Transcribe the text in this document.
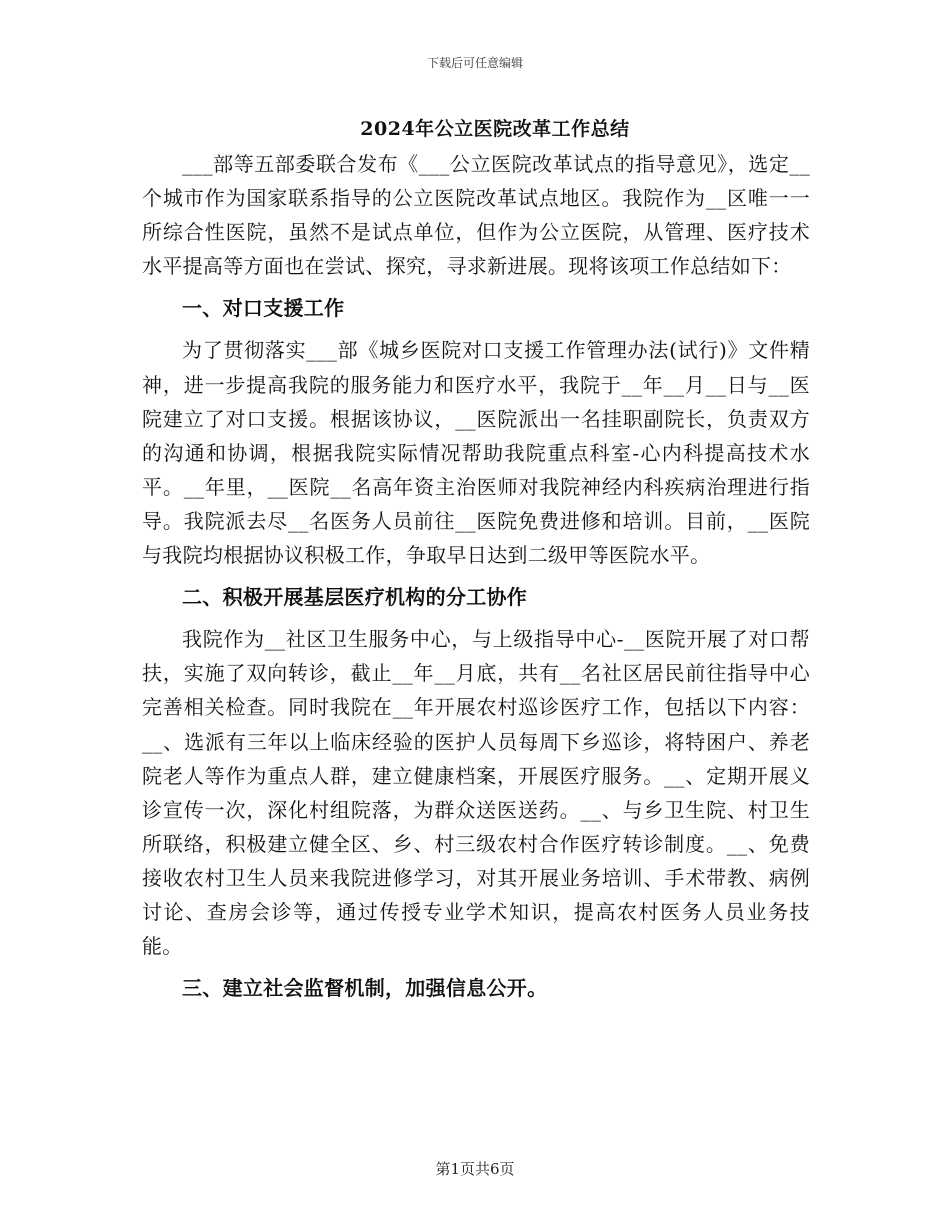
下载后可任意编辑
2024年公立医院改革工作总结

___部等五部委联合发布《___公立医院改革试点的指导意见》，选定__个城市作为国家联系指导的公立医院改革试点地区。我院作为__区唯一一所综合性医院，虽然不是试点单位，但作为公立医院，从管理、医疗技术水平提高等方面也在尝试、探究，寻求新进展。现将该项工作总结如下：

一、对口支援工作

为了贯彻落实___部《城乡医院对口支援工作管理办法(试行)》文件精神，进一步提高我院的服务能力和医疗水平，我院于__年__月__日与__医院建立了对口支援。根据该协议，__医院派出一名挂职副院长，负责双方的沟通和协调，根据我院实际情况帮助我院重点科室-心内科提高技术水平。__年里，__医院__名高年资主治医师对我院神经内科疾病治理进行指导。我院派去尽__名医务人员前往__医院免费进修和培训。目前，__医院与我院均根据协议积极工作，争取早日达到二级甲等医院水平。

二、积极开展基层医疗机构的分工协作

我院作为__社区卫生服务中心，与上级指导中心-__医院开展了对口帮扶，实施了双向转诊，截止__年__月底，共有__名社区居民前往指导中心完善相关检查。同时我院在__年开展农村巡诊医疗工作，包括以下内容：__、选派有三年以上临床经验的医护人员每周下乡巡诊，将特困户、养老院老人等作为重点人群，建立健康档案，开展医疗服务。__、定期开展义诊宣传一次，深化村组院落，为群众送医送药。__、与乡卫生院、村卫生所联络，积极建立健全区、乡、村三级农村合作医疗转诊制度。__、免费接收农村卫生人员来我院进修学习，对其开展业务培训、手术带教、病例讨论、查房会诊等，通过传授专业学术知识，提高农村医务人员业务技能。

三、建立社会监督机制，加强信息公开。
第1页共6页
